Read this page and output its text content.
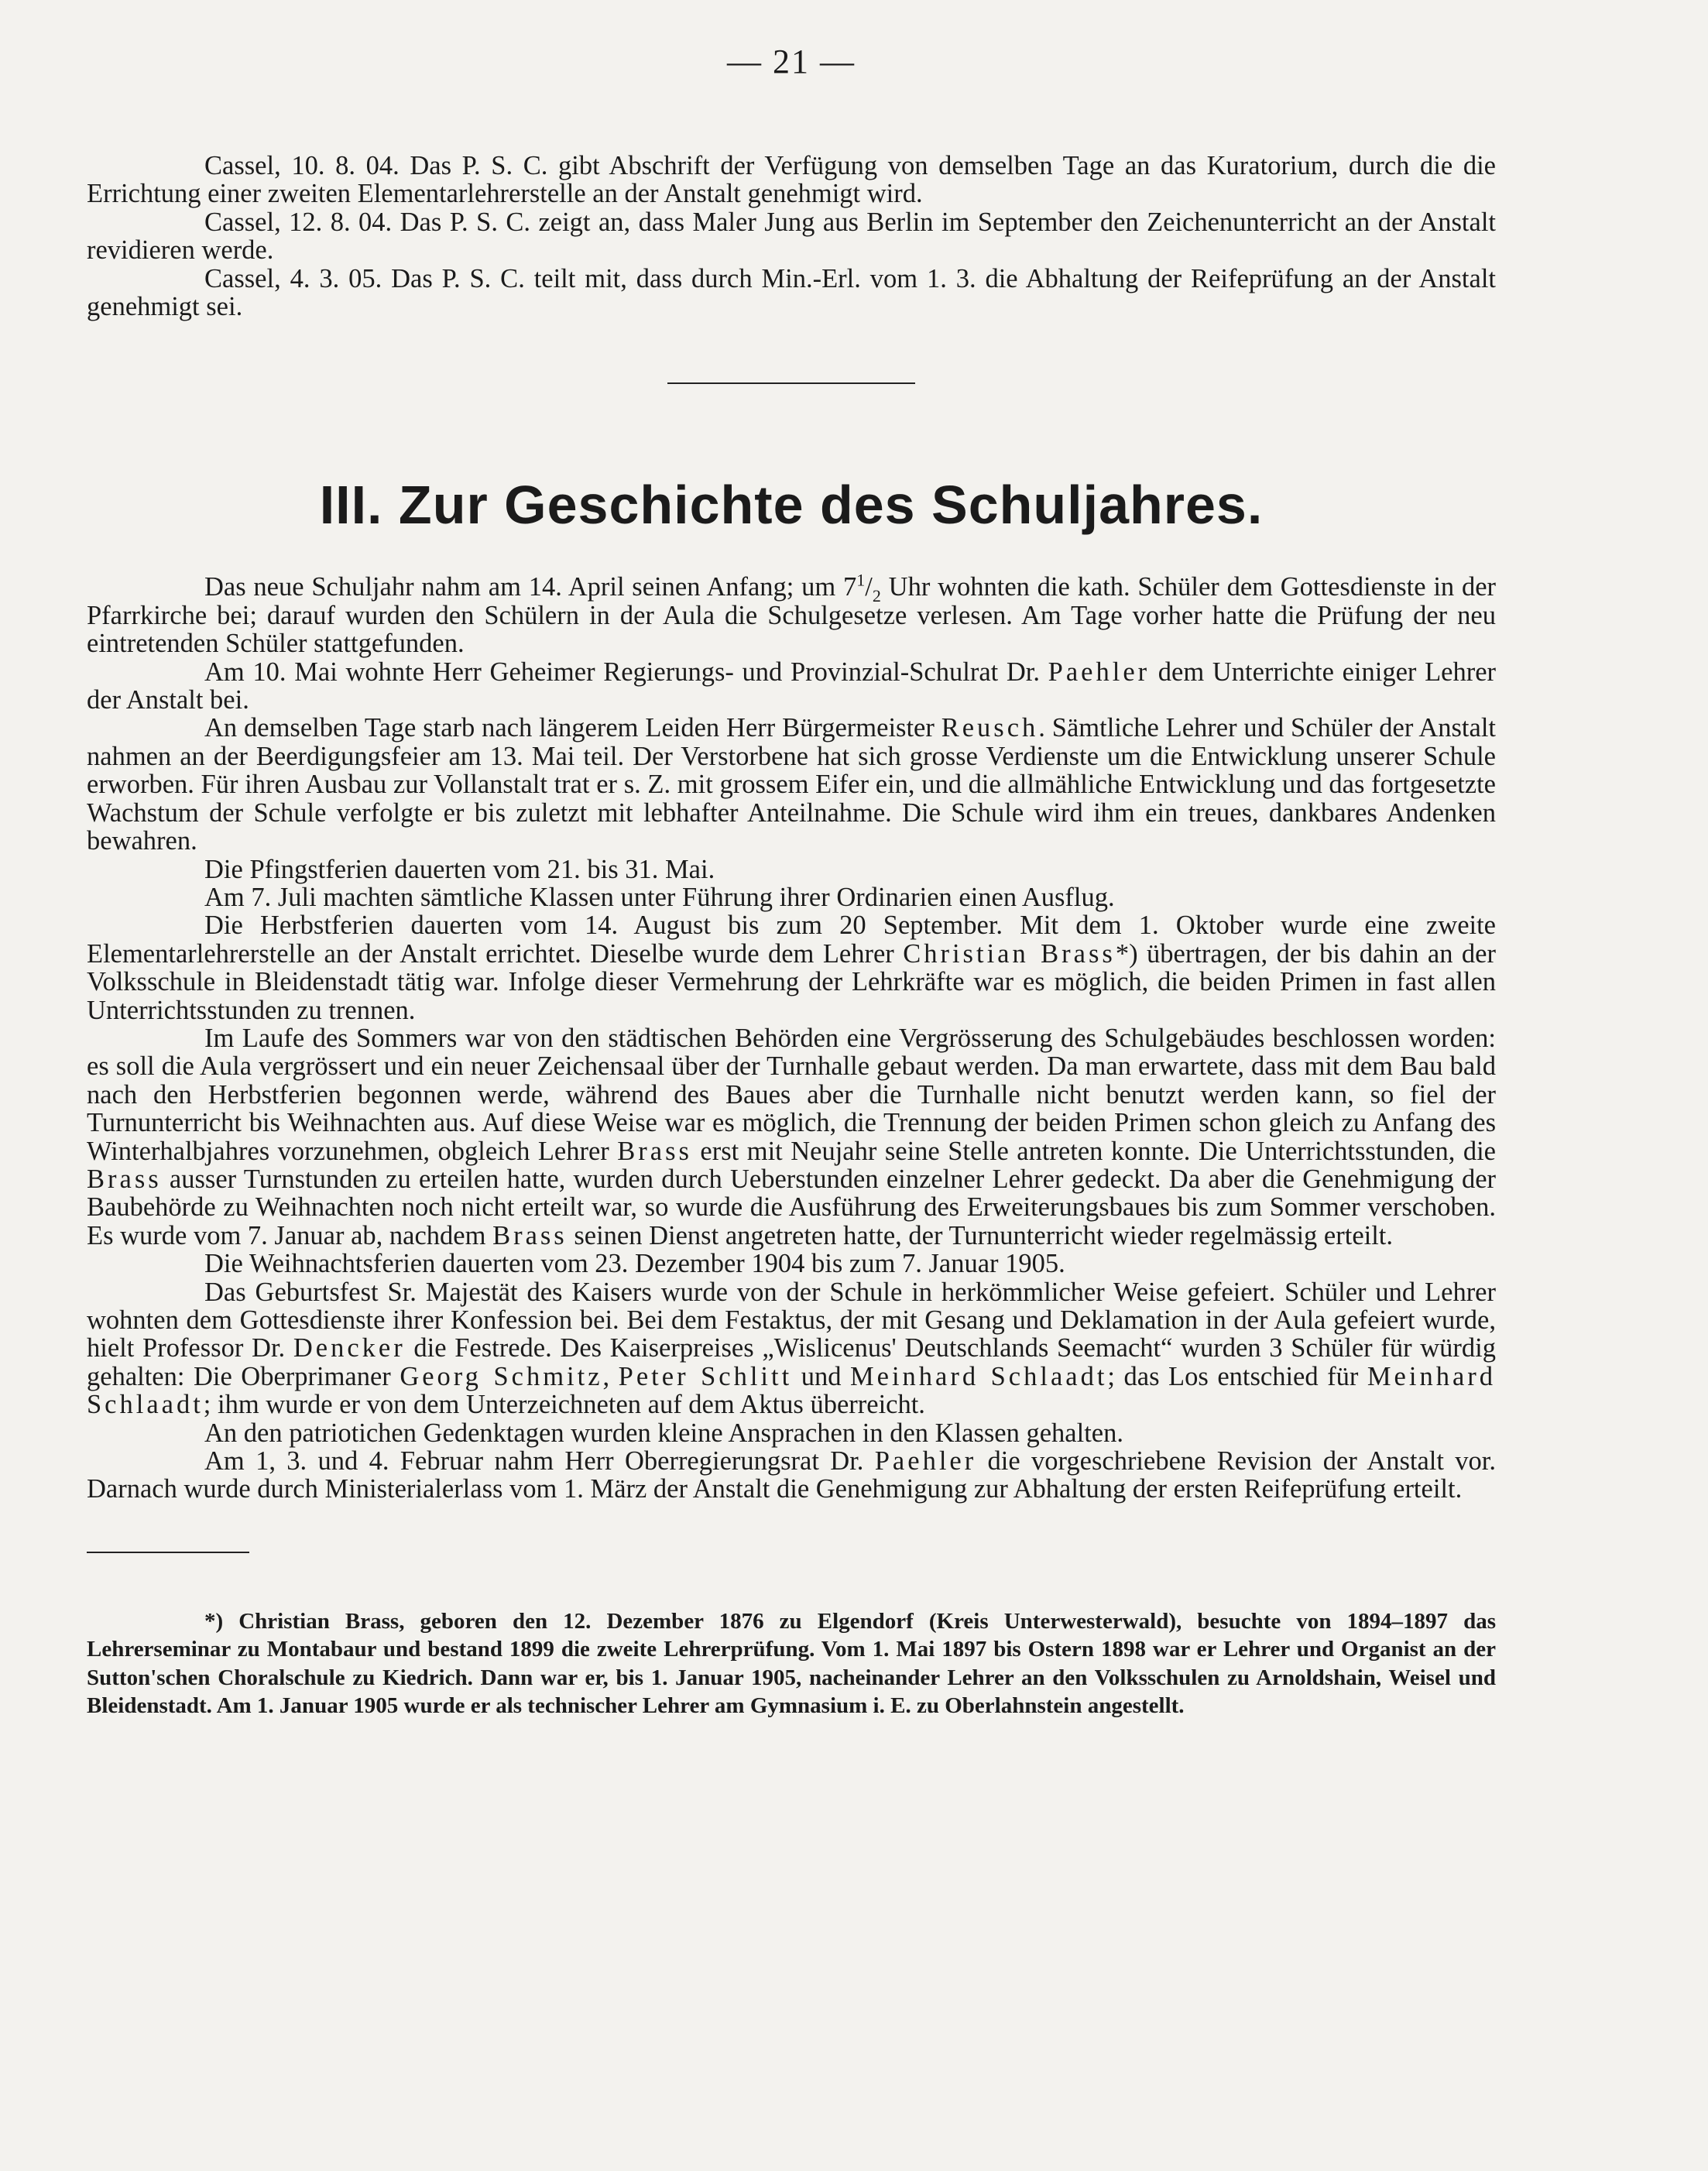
— 21 —

Cassel, 10. 8. 04. Das P. S. C. gibt Abschrift der Verfügung von demselben Tage an das Kuratorium, durch die die Errichtung einer zweiten Elementarlehrerstelle an der Anstalt genehmigt wird.

Cassel, 12. 8. 04. Das P. S. C. zeigt an, dass Maler Jung aus Berlin im September den Zeichenunterricht an der Anstalt revidieren werde.

Cassel, 4. 3. 05. Das P. S. C. teilt mit, dass durch Min.-Erl. vom 1. 3. die Abhaltung der Reifeprüfung an der Anstalt genehmigt sei.

III. Zur Geschichte des Schuljahres.

Das neue Schuljahr nahm am 14. April seinen Anfang; um $7^1/_2$ Uhr wohnten die kath. Schüler dem Gottesdienste in der Pfarrkirche bei; darauf wurden den Schülern in der Aula die Schulgesetze verlesen. Am Tage vorher hatte die Prüfung der neu eintretenden Schüler stattgefunden.

Am 10. Mai wohnte Herr Geheimer Regierungs- und Provinzial-Schulrat Dr. Paehler dem Unterrichte einiger Lehrer der Anstalt bei.

An demselben Tage starb nach längerem Leiden Herr Bürgermeister Reusch. Sämtliche Lehrer und Schüler der Anstalt nahmen an der Beerdigungsfeier am 13. Mai teil. Der Verstorbene hat sich grosse Verdienste um die Entwicklung unserer Schule erworben. Für ihren Ausbau zur Vollanstalt trat er s. Z. mit grossem Eifer ein, und die allmähliche Entwicklung und das fortgesetzte Wachstum der Schule verfolgte er bis zuletzt mit lebhafter Anteilnahme. Die Schule wird ihm ein treues, dankbares Andenken bewahren.

Die Pfingstferien dauerten vom 21. bis 31. Mai.

Am 7. Juli machten sämtliche Klassen unter Führung ihrer Ordinarien einen Ausflug.

Die Herbstferien dauerten vom 14. August bis zum 20 September. Mit dem 1. Oktober wurde eine zweite Elementarlehrerstelle an der Anstalt errichtet. Dieselbe wurde dem Lehrer Christian Brass*) übertragen, der bis dahin an der Volksschule in Bleidenstadt tätig war. Infolge dieser Vermehrung der Lehrkräfte war es möglich, die beiden Primen in fast allen Unterrichtsstunden zu trennen.

Im Laufe des Sommers war von den städtischen Behörden eine Vergrösserung des Schulgebäudes beschlossen worden: es soll die Aula vergrössert und ein neuer Zeichensaal über der Turnhalle gebaut werden. Da man erwartete, dass mit dem Bau bald nach den Herbstferien begonnen werde, während des Baues aber die Turnhalle nicht benutzt werden kann, so fiel der Turnunterricht bis Weihnachten aus. Auf diese Weise war es möglich, die Trennung der beiden Primen schon gleich zu Anfang des Winterhalbjahres vorzunehmen, obgleich Lehrer Brass erst mit Neujahr seine Stelle antreten konnte. Die Unterrichtsstunden, die Brass ausser Turnstunden zu erteilen hatte, wurden durch Ueberstunden einzelner Lehrer gedeckt. Da aber die Genehmigung der Baubehörde zu Weihnachten noch nicht erteilt war, so wurde die Ausführung des Erweiterungsbaues bis zum Sommer verschoben. Es wurde vom 7. Januar ab, nachdem Brass seinen Dienst angetreten hatte, der Turnunterricht wieder regelmässig erteilt.

Die Weihnachtsferien dauerten vom 23. Dezember 1904 bis zum 7. Januar 1905.

Das Geburtsfest Sr. Majestät des Kaisers wurde von der Schule in herkömmlicher Weise gefeiert. Schüler und Lehrer wohnten dem Gottesdienste ihrer Konfession bei. Bei dem Festaktus, der mit Gesang und Deklamation in der Aula gefeiert wurde, hielt Professor Dr. Dencker die Festrede. Des Kaiserpreises „Wislicenus' Deutschlands Seemacht“ wurden 3 Schüler für würdig gehalten: Die Oberprimaner Georg Schmitz, Peter Schlitt und Meinhard Schlaadt; das Los entschied für Meinhard Schlaadt; ihm wurde er von dem Unterzeichneten auf dem Aktus überreicht.

An den patriotichen Gedenktagen wurden kleine Ansprachen in den Klassen gehalten.

Am 1, 3. und 4. Februar nahm Herr Oberregierungsrat Dr. Paehler die vorgeschriebene Revision der Anstalt vor. Darnach wurde durch Ministerialerlass vom 1. März der Anstalt die Genehmigung zur Abhaltung der ersten Reifeprüfung erteilt.

*) Christian Brass, geboren den 12. Dezember 1876 zu Elgendorf (Kreis Unterwesterwald), besuchte von 1894–1897 das Lehrerseminar zu Montabaur und bestand 1899 die zweite Lehrerprüfung. Vom 1. Mai 1897 bis Ostern 1898 war er Lehrer und Organist an der Sutton'schen Choralschule zu Kiedrich. Dann war er, bis 1. Januar 1905, nacheinander Lehrer an den Volksschulen zu Arnoldshain, Weisel und Bleidenstadt. Am 1. Januar 1905 wurde er als technischer Lehrer am Gymnasium i. E. zu Oberlahnstein angestellt.
